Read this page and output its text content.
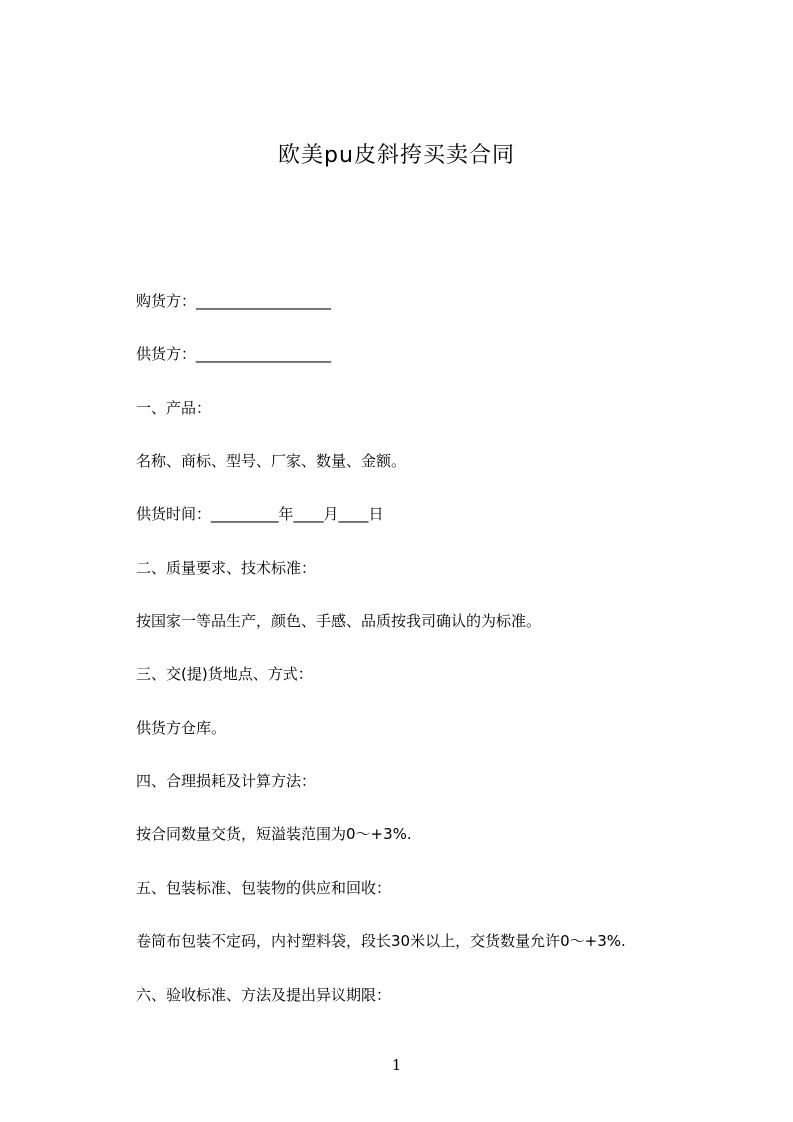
欧美pu皮斜挎买卖合同
购货方：__________________
供货方：__________________
一、产品：
名称、商标、型号、厂家、数量、金额。
供货时间：_________年____月____日
二、质量要求、技术标准：
按国家一等品生产，颜色、手感、品质按我司确认的为标准。
三、交(提)货地点、方式：
供货方仓库。
四、合理损耗及计算方法：
按合同数量交货，短溢装范围为0～+3%.
五、包装标准、包装物的供应和回收：
卷筒布包装不定码，内衬塑料袋，段长30米以上，交货数量允许0～+3%.
六、验收标准、方法及提出异议期限：
1
